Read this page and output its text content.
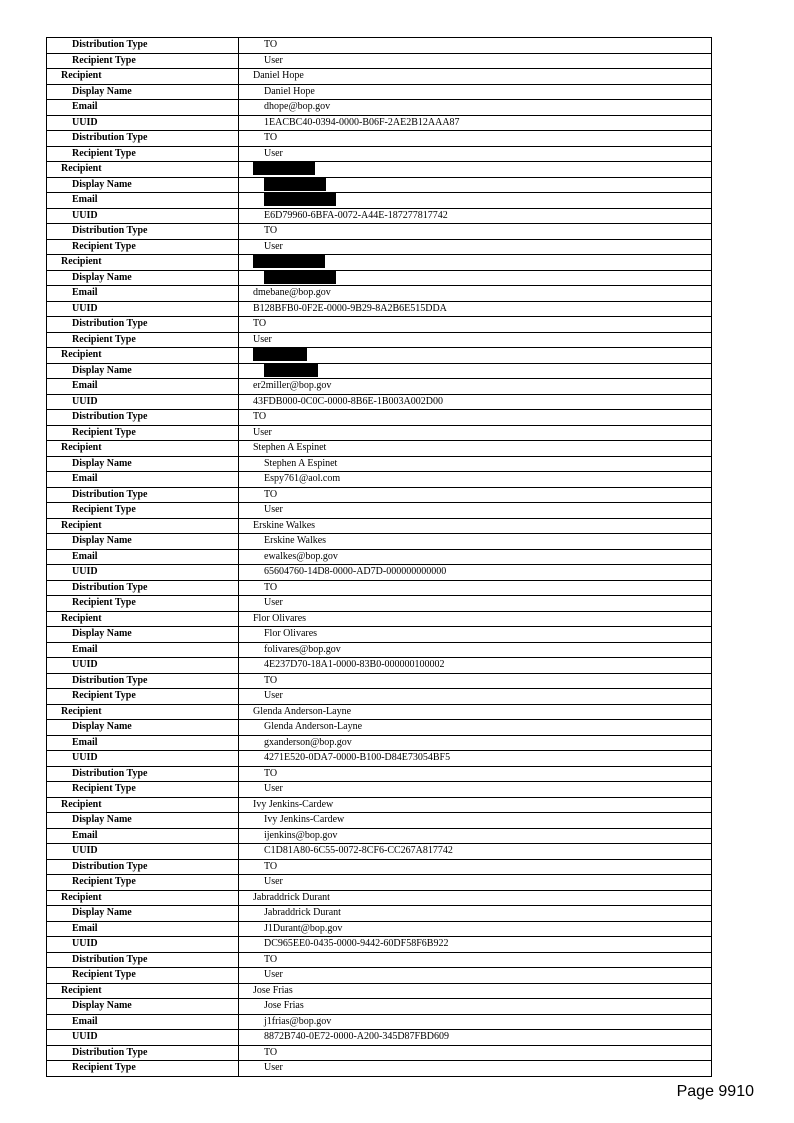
Distribution Type	TO
Recipient Type	User
Recipient	Daniel Hope
Display Name	Daniel Hope
Email	dhope@bop.gov
UUID	1EACBC40-0394-0000-B06F-2AE2B12AAA87
Distribution Type	TO
Recipient Type	User
Recipient	
Display Name	
Email	
UUID	E6D79960-6BFA-0072-A44E-187277817742
Distribution Type	TO
Recipient Type	User
Recipient	
Display Name	
Email	dmebane@bop.gov
UUID	B128BFB0-0F2E-0000-9B29-8A2B6E515DDA
Distribution Type	TO
Recipient Type	User
Recipient	
Display Name	
Email	er2miller@bop.gov
UUID	43FDB000-0C0C-0000-8B6E-1B003A002D00
Distribution Type	TO
Recipient Type	User
Recipient	Stephen A Espinet
Display Name	Stephen A Espinet
Email	Espy761@aol.com
Distribution Type	TO
Recipient Type	User
Recipient	Erskine Walkes
Display Name	Erskine Walkes
Email	ewalkes@bop.gov
UUID	65604760-14D8-0000-AD7D-000000000000
Distribution Type	TO
Recipient Type	User
Recipient	Flor Olivares
Display Name	Flor Olivares
Email	folivares@bop.gov
UUID	4E237D70-18A1-0000-83B0-000000100002
Distribution Type	TO
Recipient Type	User
Recipient	Glenda Anderson-Layne
Display Name	Glenda Anderson-Layne
Email	gxanderson@bop.gov
UUID	4271E520-0DA7-0000-B100-D84E73054BF5
Distribution Type	TO
Recipient Type	User
Recipient	Ivy Jenkins-Cardew
Display Name	Ivy Jenkins-Cardew
Email	ijenkins@bop.gov
UUID	C1D81A80-6C55-0072-8CF6-CC267A817742
Distribution Type	TO
Recipient Type	User
Recipient	Jabraddrick Durant
Display Name	Jabraddrick Durant
Email	J1Durant@bop.gov
UUID	DC965EE0-0435-0000-9442-60DF58F6B922
Distribution Type	TO
Recipient Type	User
Recipient	Jose Frias
Display Name	Jose Frias
Email	j1frias@bop.gov
UUID	8872B740-0E72-0000-A200-345D87FBD609
Distribution Type	TO
Recipient Type	User
Page 9910
